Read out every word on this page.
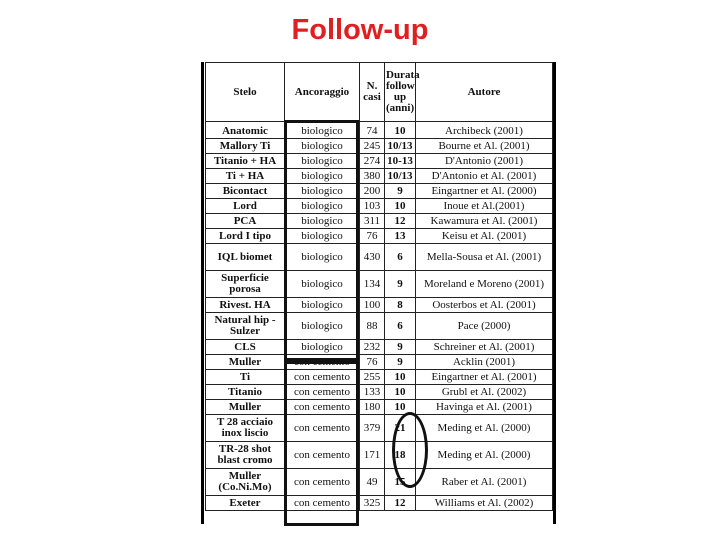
Follow-up
Stelo	Ancoraggio	N. casi	Durata follow up (anni)	Autore
Anatomic	biologico	74	10	Archibeck (2001)
Mallory Ti	biologico	245	10/13	Bourne et Al. (2001)
Titanio + HA	biologico	274	10-13	D'Antonio (2001)
Ti + HA	biologico	380	10/13	D'Antonio et Al. (2001)
Bicontact	biologico	200	9	Eingartner et Al. (2000)
Lord	biologico	103	10	Inoue et Al.(2001)
PCA	biologico	311	12	Kawamura et Al. (2001)
Lord I tipo	biologico	76	13	Keisu et Al. (2001)
IQL biomet	biologico	430	6	Mella-Sousa et Al. (2001)
Superficie porosa	biologico	134	9	Moreland e Moreno (2001)
Rivest. HA	biologico	100	8	Oosterbos et Al. (2001)
Natural hip - Sulzer	biologico	88	6	Pace (2000)
CLS	biologico	232	9	Schreiner et Al. (2001)
Muller	con cemento	76	9	Acklin (2001)
Ti	con cemento	255	10	Eingartner et Al. (2001)
Titanio	con cemento	133	10	Grubl et Al. (2002)
Muller	con cemento	180	10	Havinga et Al. (2001)
T 28 acciaio inox liscio	con cemento	379	21	Meding et Al. (2000)
TR-28 shot blast cromo	con cemento	171	18	Meding et Al. (2000)
Muller (Co.Ni.Mo)	con cemento	49	15	Raber et Al. (2001)
Exeter	con cemento	325	12	Williams et Al. (2002)
